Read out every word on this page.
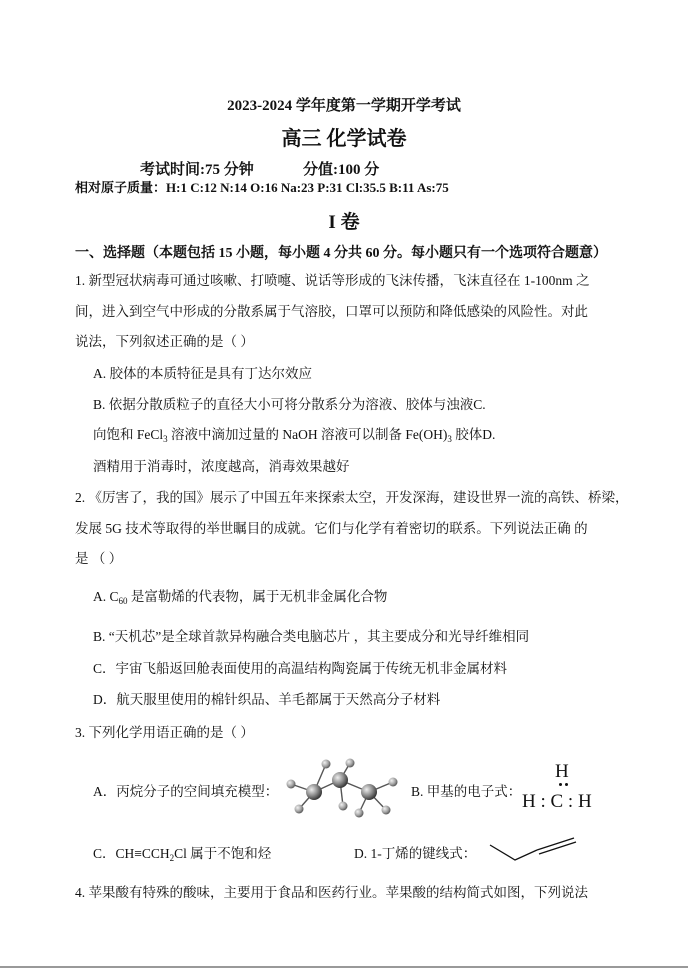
2023-2024 学年度第一学期开学考试
高三 化学试卷
考试时间:75 分钟	分值:100 分
相对原子质量：H:1 C:12 N:14 O:16 Na:23 P:31 Cl:35.5 B:11 As:75
I 卷
一、选择题（本题包括 15 小题，每小题 4 分共 60 分。每小题只有一个选项符合题意）
1. 新型冠状病毒可通过咳嗽、打喷嚏、说话等形成的飞沫传播，飞沫直径在 1-100nm 之
间，进入到空气中形成的分散系属于气溶胶，口罩可以预防和降低感染的风险性。对此
说法，下列叙述正确的是（ ）
A. 胶体的本质特征是具有丁达尔效应
B. 依据分散质粒子的直径大小可将分散系分为溶液、胶体与浊液C.
向饱和 FeCl$_3$ 溶液中滴加过量的 NaOH 溶液可以制备 $Fe(OH)_3$ 胶体D.
酒精用于消毒时，浓度越高，消毒效果越好
2. 《厉害了，我的国》展示了中国五年来探索太空，开发深海，建设世界一流的高铁、桥梁，
发展 5G 技术等取得的举世瞩目的成就。它们与化学有着密切的联系。下列说法正确 的
是 （ ）
A. $C_{60}$ 是富勒烯的代表物，属于无机非金属化合物
B. “天机芯”是全球首款异构融合类电脑芯片 ，其主要成分和光导纤维相同
C．宇宙飞船返回舱表面使用的高温结构陶瓷属于传统无机非金属材料
D．航天服里使用的棉针织品、羊毛都属于天然高分子材料
3. 下列化学用语正确的是（ ）
A．丙烷分子的空间填充模型：	B. 甲基的电子式：
H
H : C : H
C．$CH\equiv CCH_2Cl$ 属于不饱和烃	D. 1-丁烯的键线式：
4. 苹果酸有特殊的酸味，主要用于食品和医药行业。苹果酸的结构简式如图，下列说法
